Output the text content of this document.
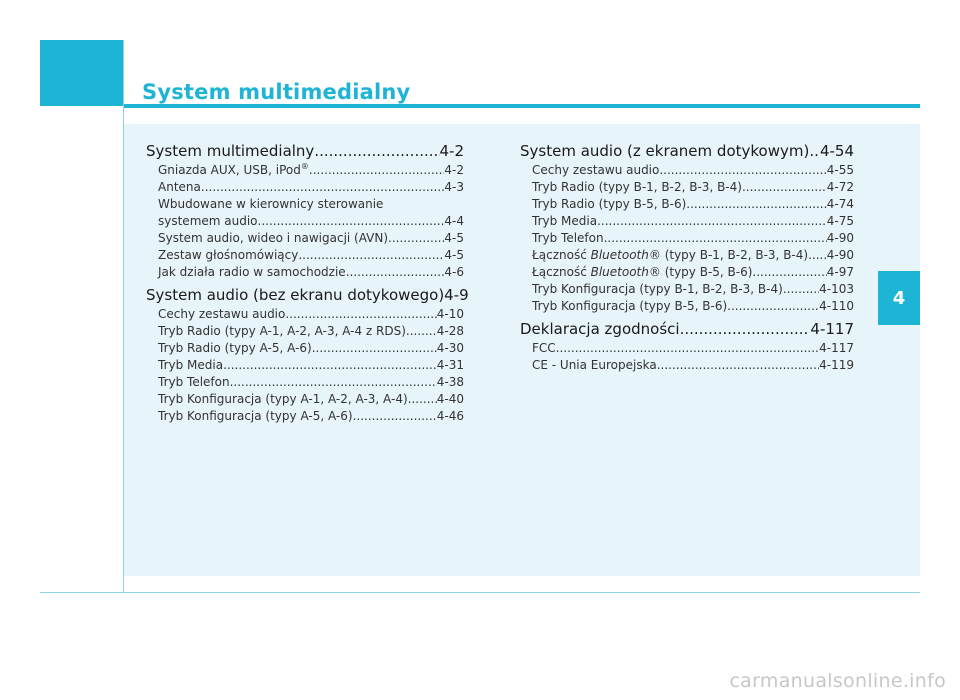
System multimedialny
4
System multimedialny .....	4-2
Gniazda AUX, USB, iPod® .....	4-2
Antena .....	4-3
Wbudowane w kierownicy sterowanie
systemem audio .....	4-4
System audio, wideo i nawigacji (AVN) .....	4-5
Zestaw głośnomówiący .....	4-5
Jak działa radio w samochodzie .....	4-6
System audio (bez ekranu dotykowego) 4-9
Cechy zestawu audio .....	4-10
Tryb Radio (typy A-1, A-2, A-3, A-4 z RDS) .....	4-28
Tryb Radio (typy A-5, A-6) .....	4-30
Tryb Media .....	4-31
Tryb Telefon .....	4-38
Tryb Konfiguracja (typy A-1, A-2, A-3, A-4) ..... 4-40
Tryb Konfiguracja (typy A-5, A-6) .....	4-46
System audio (z ekranem dotykowym) ..... 4-54
Cechy zestawu audio .....	4-55
Tryb Radio (typy B-1, B-2, B-3, B-4) .....	4-72
Tryb Radio (typy B-5, B-6) .....	4-74
Tryb Media .....	4-75
Tryb Telefon .....	4-90
Łączność Bluetooth® (typy B-1, B-2, B-3, B-4) ..... 4-90
Łączność Bluetooth® (typy B-5, B-6) .....	4-97
Tryb Konfiguracja (typy B-1, B-2, B-3, B-4) .....	4-103
Tryb Konfiguracja (typy B-5, B-6) .....	4-110
Deklaracja zgodności .....	4-117
FCC .....	4-117
CE - Unia Europejska .....	4-119
carmanualsonline.info
